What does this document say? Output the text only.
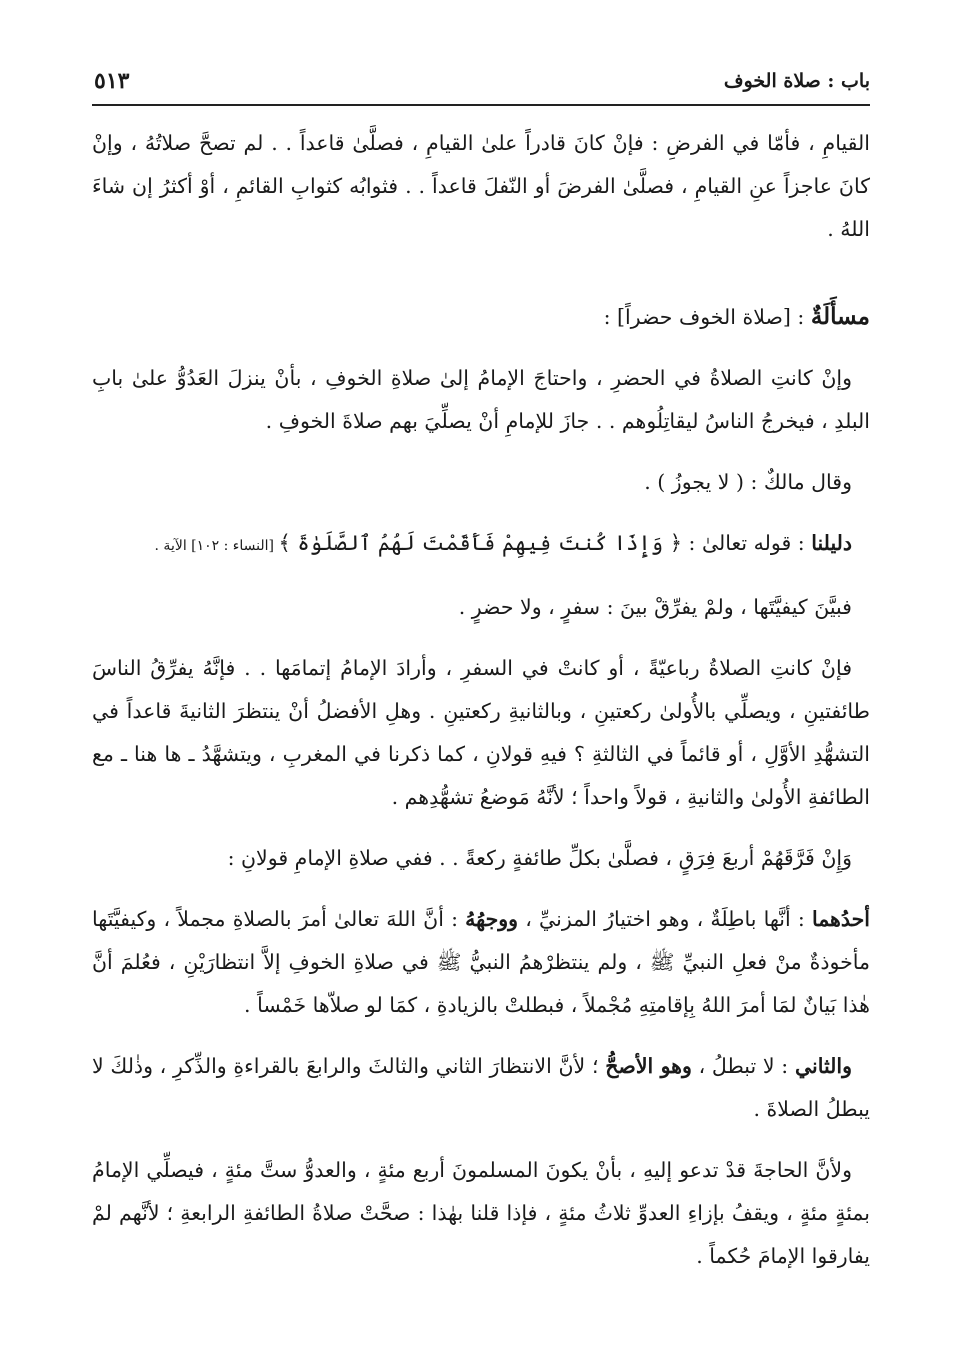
باب : صلاة الخوف
٥١٣

القيامِ ، فأمّا في الفرضِ : فإنْ كانَ قادراً علىٰ القيامِ ، فصلَّىٰ قاعداً . . لم تصحَّ صلاتُهُ ، وإنْ كانَ عاجزاً عنِ القيامِ ، فصلَّىٰ الفرضَ أو النّفلَ قاعداً . . فثوابُه كثوابِ القائمِ ، أوْ أكثرُ إن شاءَ اللهُ .

مسأَلَةٌ : [صلاة الخوف حضراً] :

وإنْ كانتِ الصلاةُ في الحضرِ ، واحتاجَ الإمامُ إلىٰ صلاةِ الخوفِ ، بأنْ ينزلَ العَدُوُّ علىٰ بابِ البلدِ ، فيخرجُ الناسُ ليقاتِلُوهم . . جازَ للإمامِ أنْ يصلِّيَ بهم صلاةَ الخوفِ .

وقال مالكٌ : ( لا يجوزُ ) .

دليلنا : قوله تعالىٰ : ﴿ وَإِذَا كُنتَ فِيهِمْ فَأَقَمْتَ لَهُمُ ٱلصَّلَوٰةَ ﴾ [النساء : ١٠٢] الآية .

فبيَّنَ كيفيَّتَها ، ولمْ يفرِّقْ بينَ : سفرٍ ، ولا حضرٍ .

فإنْ كانتِ الصلاةُ رباعيّةً ، أو كانتْ في السفرِ ، وأرادَ الإمامُ إتمامَها . . فإنَّهُ يفرِّقُ الناسَ طائفتينِ ، ويصلِّي بالأُولىٰ ركعتينِ ، وبالثانيةِ ركعتينِ . وهلِ الأفضلُ أنْ ينتظرَ الثانيةَ قاعداً في التشهُّدِ الأوَّلِ ، أو قائماً في الثالثةِ ؟ فيهِ قولانِ ، كما ذكرنا في المغربِ ، ويتشهَّدُ ـ ها هنا ـ مع الطائفةِ الأُولىٰ والثانيةِ ، قولاً واحداً ؛ لأنَّهُ مَوضعُ تشهُّدِهم .

وَإِنْ فَرَّقَهُمْ أربعَ فِرَقٍ ، فصلَّىٰ بكلِّ طائفةٍ ركعةً . . ففي صلاةِ الإمامِ قولانِ :

أحدُهما : أنَّها باطِلَةٌ ، وهو اختيارُ المزنيِّ ، ووجهُهُ : أنَّ اللهَ تعالىٰ أمرَ بالصلاةِ مجملاً ، وكيفيَّتَها مأخوذةٌ منْ فعلِ النبيِّ ﷺ ، ولم ينتظرْهمُ النبيُّ ﷺ في صلاةِ الخوفِ إلاَّ انتظارَيْنِ ، فعُلمَ أنَّ هٰذا بَيانٌ لمَا أمرَ اللهُ بِإقامتِهِ مُجْملاً ، فبطلتْ بالزيادةِ ، كمَا لو صلاّها خَمْساً .

والثاني : لا تبطلُ ، وهو الأصحُّ ؛ لأنَّ الانتظارَ الثاني والثالثَ والرابعَ بالقراءةِ والذِّكرِ ، وذٰلكَ لا يبطلُ الصلاةَ .

ولأنَّ الحاجةَ قدْ تدعو إليهِ ، بأنْ يكونَ المسلمونَ أربع مئةٍ ، والعدوُّ ستَّ مئةٍ ، فيصلِّي الإمامُ بمئةٍ مئةٍ ، ويقفُ بإزاءِ العدوِّ ثلاثُ مئةٍ ، فإذا قلنا بهٰذا : صحَّتْ صلاةُ الطائفةِ الرابعةِ ؛ لأنَّهم لمْ يفارقوا الإمامَ حُكماً .
